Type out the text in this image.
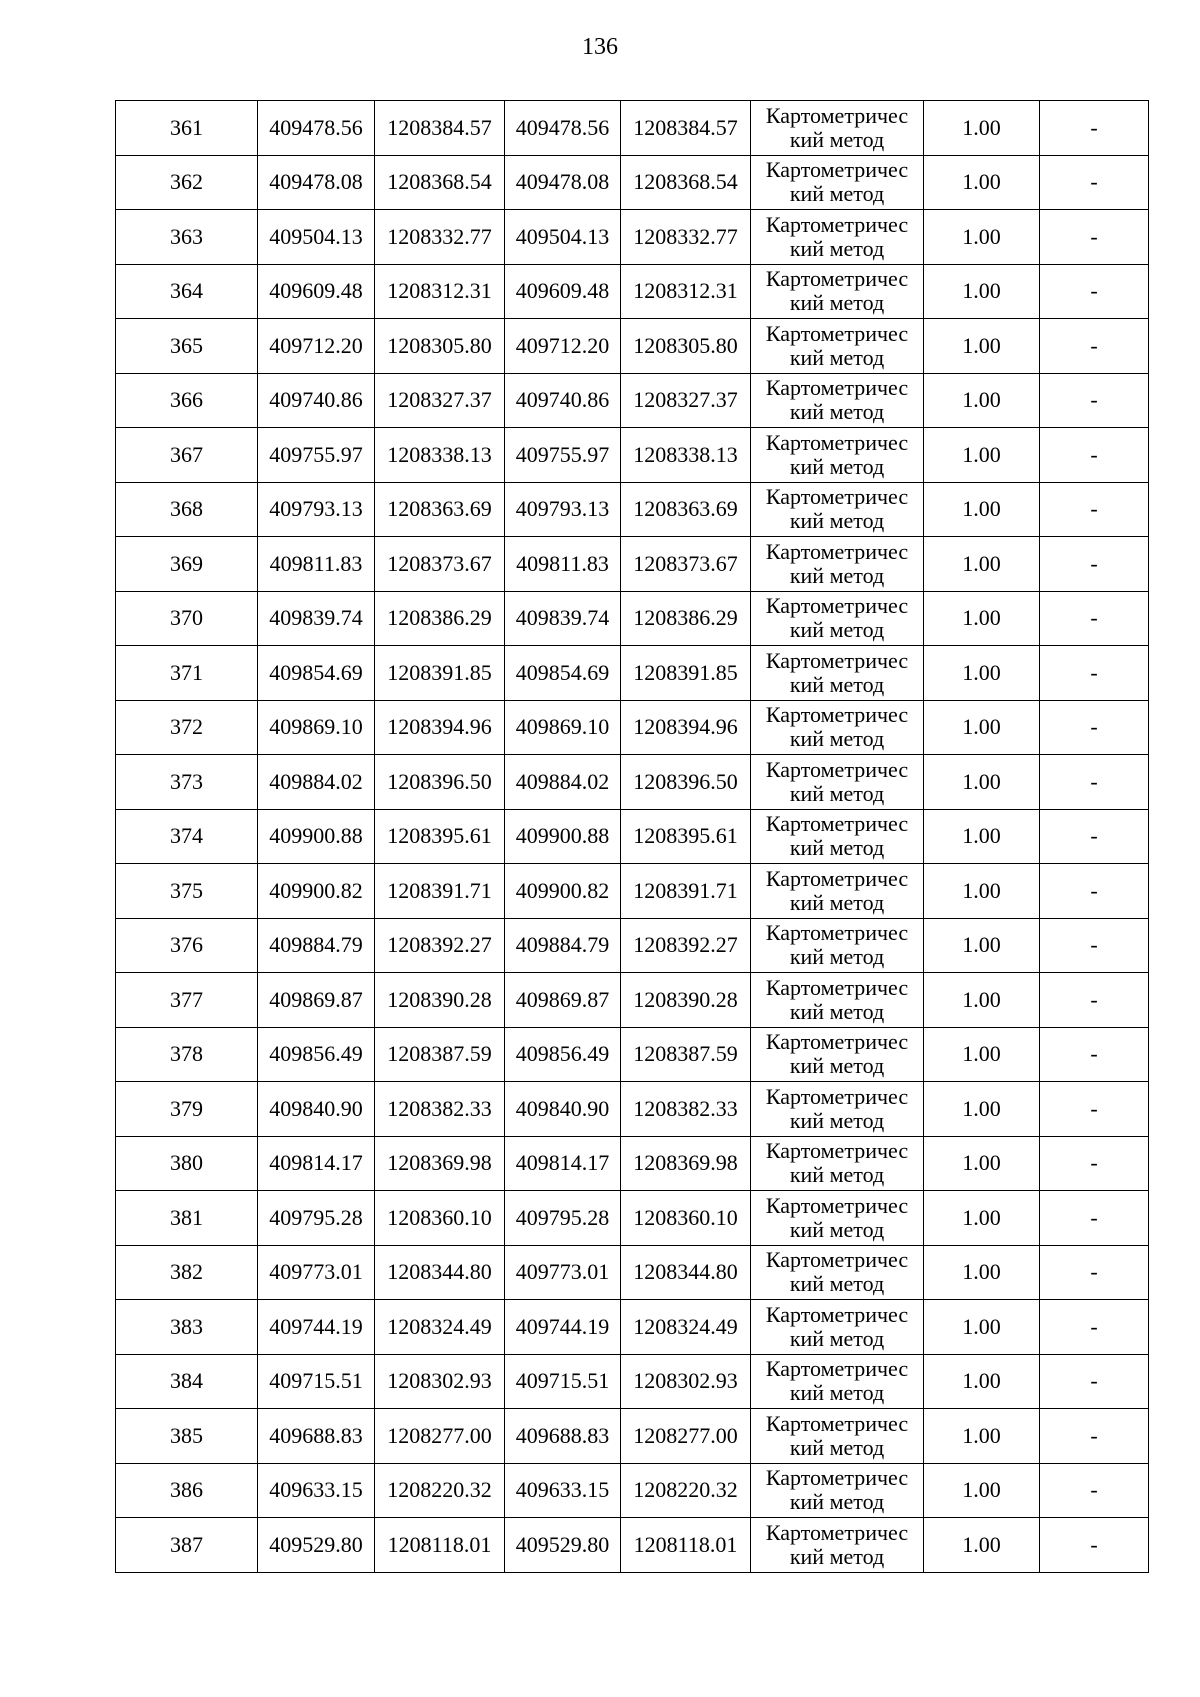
136
361	409478.56	1208384.57	409478.56	1208384.57	Картометричес
кий метод	1.00	-
362	409478.08	1208368.54	409478.08	1208368.54	Картометричес
кий метод	1.00	-
363	409504.13	1208332.77	409504.13	1208332.77	Картометричес
кий метод	1.00	-
364	409609.48	1208312.31	409609.48	1208312.31	Картометричес
кий метод	1.00	-
365	409712.20	1208305.80	409712.20	1208305.80	Картометричес
кий метод	1.00	-
366	409740.86	1208327.37	409740.86	1208327.37	Картометричес
кий метод	1.00	-
367	409755.97	1208338.13	409755.97	1208338.13	Картометричес
кий метод	1.00	-
368	409793.13	1208363.69	409793.13	1208363.69	Картометричес
кий метод	1.00	-
369	409811.83	1208373.67	409811.83	1208373.67	Картометричес
кий метод	1.00	-
370	409839.74	1208386.29	409839.74	1208386.29	Картометричес
кий метод	1.00	-
371	409854.69	1208391.85	409854.69	1208391.85	Картометричес
кий метод	1.00	-
372	409869.10	1208394.96	409869.10	1208394.96	Картометричес
кий метод	1.00	-
373	409884.02	1208396.50	409884.02	1208396.50	Картометричес
кий метод	1.00	-
374	409900.88	1208395.61	409900.88	1208395.61	Картометричес
кий метод	1.00	-
375	409900.82	1208391.71	409900.82	1208391.71	Картометричес
кий метод	1.00	-
376	409884.79	1208392.27	409884.79	1208392.27	Картометричес
кий метод	1.00	-
377	409869.87	1208390.28	409869.87	1208390.28	Картометричес
кий метод	1.00	-
378	409856.49	1208387.59	409856.49	1208387.59	Картометричес
кий метод	1.00	-
379	409840.90	1208382.33	409840.90	1208382.33	Картометричес
кий метод	1.00	-
380	409814.17	1208369.98	409814.17	1208369.98	Картометричес
кий метод	1.00	-
381	409795.28	1208360.10	409795.28	1208360.10	Картометричес
кий метод	1.00	-
382	409773.01	1208344.80	409773.01	1208344.80	Картометричес
кий метод	1.00	-
383	409744.19	1208324.49	409744.19	1208324.49	Картометричес
кий метод	1.00	-
384	409715.51	1208302.93	409715.51	1208302.93	Картометричес
кий метод	1.00	-
385	409688.83	1208277.00	409688.83	1208277.00	Картометричес
кий метод	1.00	-
386	409633.15	1208220.32	409633.15	1208220.32	Картометричес
кий метод	1.00	-
387	409529.80	1208118.01	409529.80	1208118.01	Картометричес
кий метод	1.00	-
